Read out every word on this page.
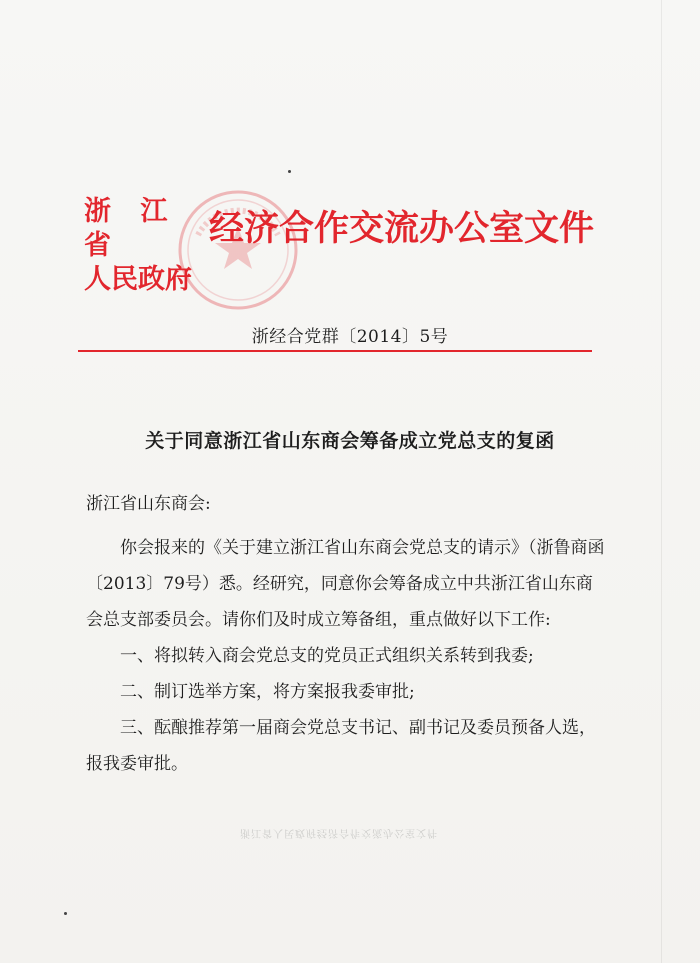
浙 江 省
人民政府
经济合作交流办公室文件
浙经合党群〔2014〕5号
关于同意浙江省山东商会筹备成立党总支的复函

浙江省山东商会:

你会报来的《关于建立浙江省山东商会党总支的请示》（浙鲁商函〔2013〕79号）悉。经研究，同意你会筹备成立中共浙江省山东商会总支部委员会。请你们及时成立筹备组，重点做好以下工作:

一、将拟转入商会党总支的党员正式组织关系转到我委;

二、制订选举方案，将方案报我委审批;

三、酝酿推荐第一届商会党总支书记、副书记及委员预备人选，报我委审批。

浙江省人民政府经济合作交流办公室文件
